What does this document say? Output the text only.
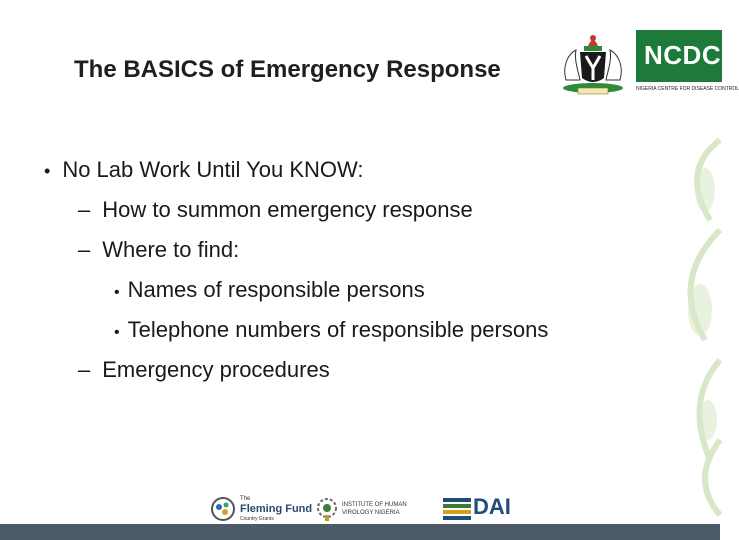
The BASICS of Emergency Response
• No Lab Work Until You KNOW:
– How to summon emergency response
– Where to find:
• Names of responsible persons
• Telephone numbers of responsible persons
– Emergency procedures
NCDC
NIGERIA CENTRE FOR DISEASE CONTROL
The
Fleming Fund
Country Grants
INSTITUTE OF HUMAN
VIROLOGY NIGERIA	DAI
